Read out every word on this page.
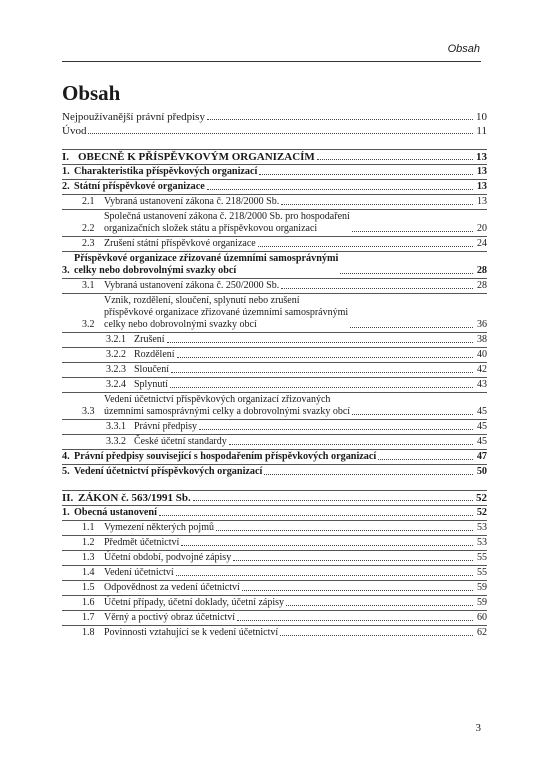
Obsah
Obsah
Nejpoužívanější právní předpisy	10
Úvod	11
I. OBECNĚ K PŘÍSPĚVKOVÝM ORGANIZACÍM	13
1. Charakteristika příspěvkových organizací	13
2. Státní příspěvkové organizace	13
2.1 Vybraná ustanovení zákona č. 218/2000 Sb.	13
2.2
Společná ustanovení zákona č. 218/2000 Sb. pro hospodaření
organizačních složek státu a příspěvkovou organizaci	20
2.3 Zrušení státní příspěvkové organizace	24
3.
Příspěvkové organizace zřizované územními samosprávnými
celky nebo dobrovolnými svazky obcí	28
3.1 Vybraná ustanovení zákona č. 250/2000 Sb.	28
3.2
Vznik, rozdělení, sloučení, splynutí nebo zrušení
příspěvkové organizace zřizované územními samosprávnými
celky nebo dobrovolnými svazky obcí	36
3.2.1 Zrušení	38
3.2.2 Rozdělení	40
3.2.3 Sloučení	42
3.2.4 Splynutí	43
3.3
Vedení účetnictví příspěvkových organizací zřizovaných
územními samosprávnými celky a dobrovolnými svazky obcí	45
3.3.1 Právní předpisy	45
3.3.2 České účetní standardy	45
4. Právní předpisy související s hospodařením příspěvkových organizací	47
5. Vedení účetnictví příspěvkových organizací	50
II. ZÁKON č. 563/1991 Sb.	52
1. Obecná ustanovení	52
1.1 Vymezení některých pojmů	53
1.2 Předmět účetnictví	53
1.3 Účetní období, podvojné zápisy	55
1.4 Vedení účetnictví	55
1.5 Odpovědnost za vedení účetnictví	59
1.6 Účetní případy, účetní doklady, účetní zápisy	59
1.7 Věrný a poctivý obraz účetnictví	60
1.8 Povinnosti vztahující se k vedení účetnictví	62
3
